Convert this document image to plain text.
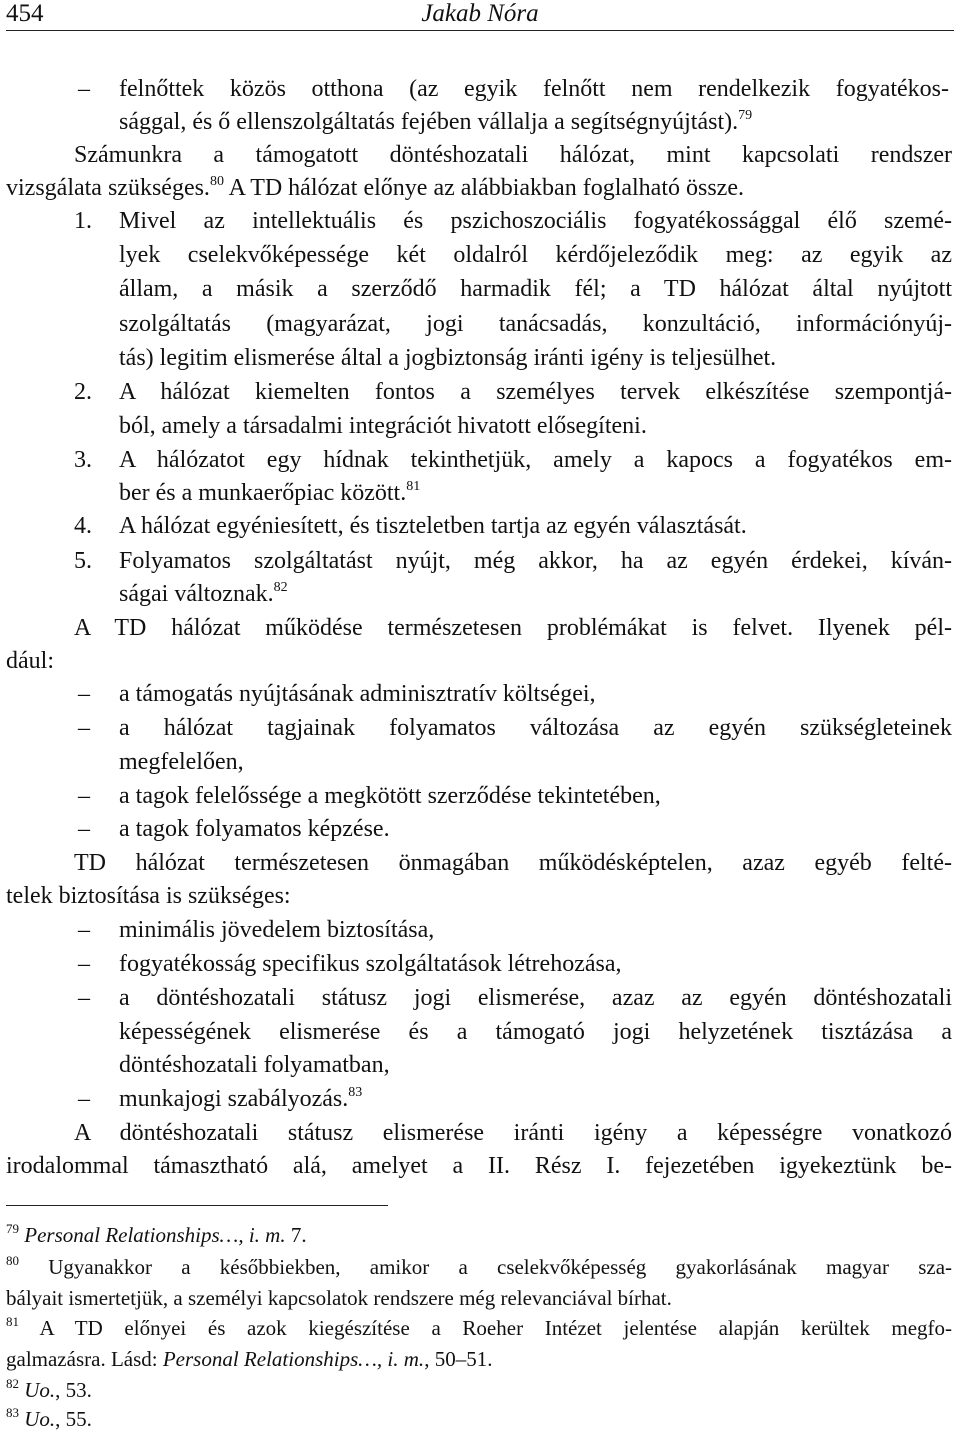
454	Jakab Nóra
– felnőttek közös otthona (az egyik felnőtt nem rendelkezik fogyatékos-
sággal, és ő ellenszolgáltatás fejében vállalja a segítségnyújtást).$^{79}$
Számunkra a támogatott döntéshozatali hálózat, mint kapcsolati rendszer
vizsgálata szükséges.$^{80}$ A TD hálózat előnye az alábbiakban foglalható össze.
1. Mivel az intellektuális és pszichoszociális fogyatékossággal élő szemé-
lyek cselekvőképessége két oldalról kérdőjeleződik meg: az egyik az
állam, a másik a szerződő harmadik fél; a TD hálózat által nyújtott
szolgáltatás (magyarázat, jogi tanácsadás, konzultáció, információnyúj-
tás) legitim elismerése által a jogbiztonság iránti igény is teljesülhet.
2. A hálózat kiemelten fontos a személyes tervek elkészítése szempontjá-
ból, amely a társadalmi integrációt hivatott elősegíteni.
3. A hálózatot egy hídnak tekinthetjük, amely a kapocs a fogyatékos em-
ber és a munkaerőpiac között.$^{81}$
4. A hálózat egyéniesített, és tiszteletben tartja az egyén választását.
5. Folyamatos szolgáltatást nyújt, még akkor, ha az egyén érdekei, kíván-
ságai változnak.$^{82}$
A TD hálózat működése természetesen problémákat is felvet. Ilyenek pél-
dául:
– a támogatás nyújtásának adminisztratív költségei,
– a hálózat tagjainak folyamatos változása az egyén szükségleteinek
megfelelően,
– a tagok felelőssége a megkötött szerződése tekintetében,
– a tagok folyamatos képzése.
TD hálózat természetesen önmagában működésképtelen, azaz egyéb felté-
telek biztosítása is szükséges:
– minimális jövedelem biztosítása,
– fogyatékosság specifikus szolgáltatások létrehozása,
– a döntéshozatali státusz jogi elismerése, azaz az egyén döntéshozatali
képességének elismerése és a támogató jogi helyzetének tisztázása a
döntéshozatali folyamatban,
– munkajogi szabályozás.$^{83}$
A döntéshozatali státusz elismerése iránti igény a képességre vonatkozó
irodalommal támasztható alá, amelyet a II. Rész I. fejezetében igyekeztünk be-
$^{79}$ Personal Relationships…, i. m. 7.
$^{80}$ Ugyanakkor a későbbiekben, amikor a cselekvőképesség gyakorlásának magyar sza-
bályait ismertetjük, a személyi kapcsolatok rendszere még relevanciával bírhat.
$^{81}$ A TD előnyei és azok kiegészítése a Roeher Intézet jelentése alapján kerültek megfo-
galmazásra. Lásd: Personal Relationships…, i. m., 50–51.
$^{82}$ Uo., 53.
$^{83}$ Uo., 55.
